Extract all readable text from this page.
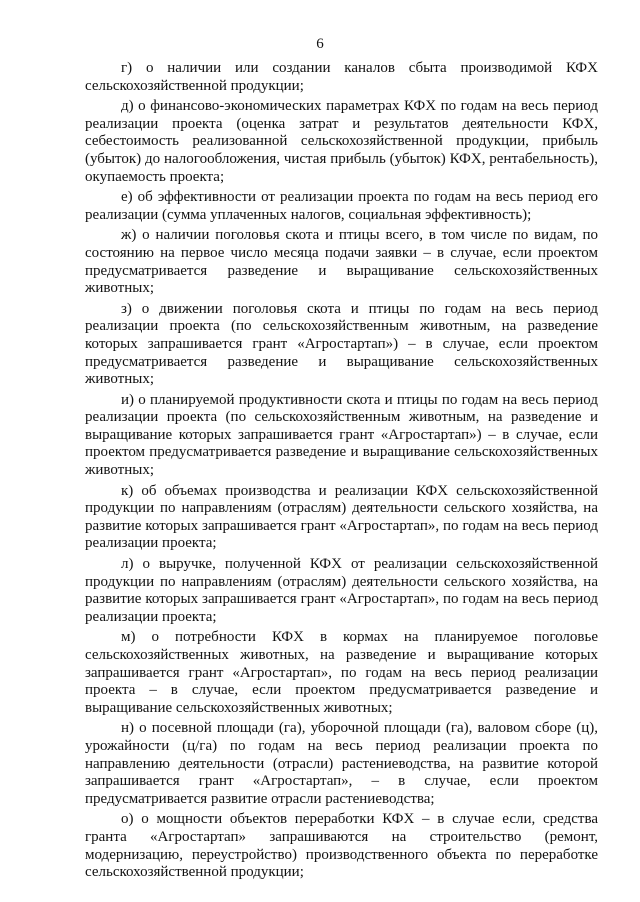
6

г) о наличии или создании каналов сбыта производимой КФХ сельскохозяйственной продукции;

д) о финансово-экономических параметрах КФХ по годам на весь период реализации проекта (оценка затрат и результатов деятельности КФХ, себестоимость реализованной сельскохозяйственной продукции, прибыль (убыток) до налогообложения, чистая прибыль (убыток) КФХ, рентабельность), окупаемость проекта;

е) об эффективности от реализации проекта по годам на весь период его реализации (сумма уплаченных налогов, социальная эффективность);

ж) о наличии поголовья скота и птицы всего, в том числе по видам, по состоянию на первое число месяца подачи заявки – в случае, если проектом предусматривается разведение и выращивание сельскохозяйственных животных;

з) о движении поголовья скота и птицы по годам на весь период реализации проекта (по сельскохозяйственным животным, на разведение которых запрашивается грант «Агростартап») – в случае, если проектом предусматривается разведение и выращивание сельскохозяйственных животных;

и) о планируемой продуктивности скота и птицы по годам на весь период реализации проекта (по сельскохозяйственным животным, на разведение и выращивание которых запрашивается грант «Агростартап») – в случае, если проектом предусматривается разведение и выращивание сельскохозяйственных животных;

к) об объемах производства и реализации КФХ сельскохозяйственной продукции по направлениям (отраслям) деятельности сельского хозяйства, на развитие которых запрашивается грант «Агростартап», по годам на весь период реализации проекта;

л) о выручке, полученной КФХ от реализации сельскохозяйственной продукции по направлениям (отраслям) деятельности сельского хозяйства, на развитие которых запрашивается грант «Агростартап», по годам на весь период реализации проекта;

м) о потребности КФХ в кормах на планируемое поголовье сельскохозяйственных животных, на разведение и выращивание которых запрашивается грант «Агростартап», по годам на весь период реализации проекта – в случае, если проектом предусматривается разведение и выращивание сельскохозяйственных животных;

н) о посевной площади (га), уборочной площади (га), валовом сборе (ц), урожайности (ц/га) по годам на весь период реализации проекта по направлению деятельности (отрасли) растениеводства, на развитие которой запрашивается грант «Агростартап», – в случае, если проектом предусматривается развитие отрасли растениеводства;

о) о мощности объектов переработки КФХ – в случае если, средства гранта «Агростартап» запрашиваются на строительство (ремонт, модернизацию, переустройство) производственного объекта по переработке сельскохозяйственной продукции;
